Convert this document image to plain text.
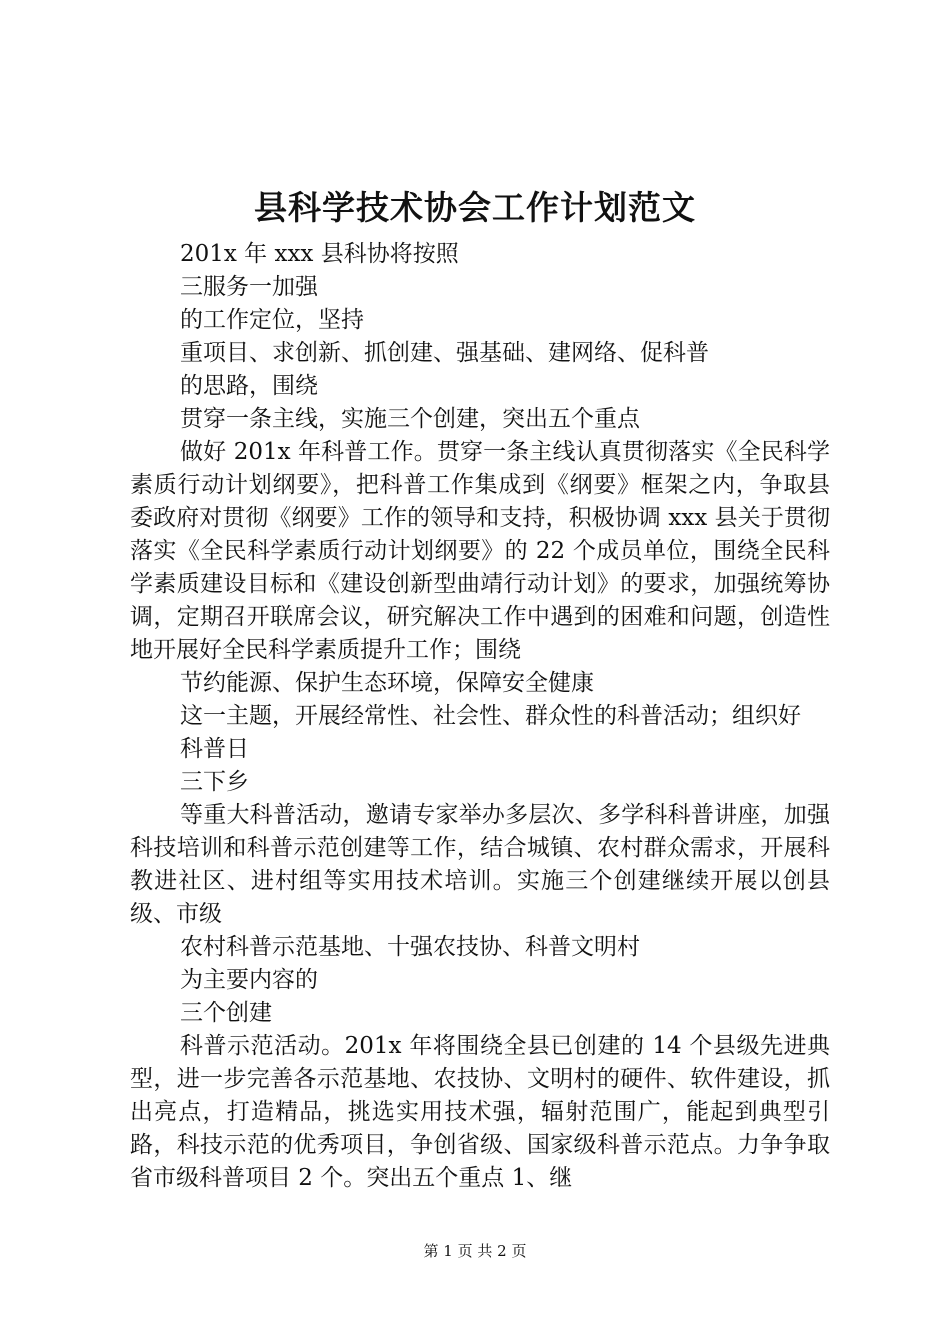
县科学技术协会工作计划范文

201x 年 xxx 县科协将按照

三服务一加强

的工作定位，坚持

重项目、求创新、抓创建、强基础、建网络、促科普

的思路，围绕

贯穿一条主线，实施三个创建，突出五个重点

做好 201x 年科普工作。贯穿一条主线认真贯彻落实《全民科学素质行动计划纲要》，把科普工作集成到《纲要》框架之内，争取县委政府对贯彻《纲要》工作的领导和支持，积极协调 xxx 县关于贯彻落实《全民科学素质行动计划纲要》的 22 个成员单位，围绕全民科学素质建设目标和《建设创新型曲靖行动计划》的要求，加强统筹协调，定期召开联席会议，研究解决工作中遇到的困难和问题，创造性地开展好全民科学素质提升工作；围绕

节约能源、保护生态环境，保障安全健康

这一主题，开展经常性、社会性、群众性的科普活动；组织好

科普日

三下乡

等重大科普活动，邀请专家举办多层次、多学科科普讲座，加强科技培训和科普示范创建等工作，结合城镇、农村群众需求，开展科教进社区、进村组等实用技术培训。实施三个创建继续开展以创县级、市级

农村科普示范基地、十强农技协、科普文明村

为主要内容的

三个创建

科普示范活动。201x 年将围绕全县已创建的 14 个县级先进典型，进一步完善各示范基地、农技协、文明村的硬件、软件建设，抓出亮点，打造精品，挑选实用技术强，辐射范围广，能起到典型引路，科技示范的优秀项目，争创省级、国家级科普示范点。力争争取省市级科普项目 2 个。突出五个重点 1、继

第 1 页 共 2 页
